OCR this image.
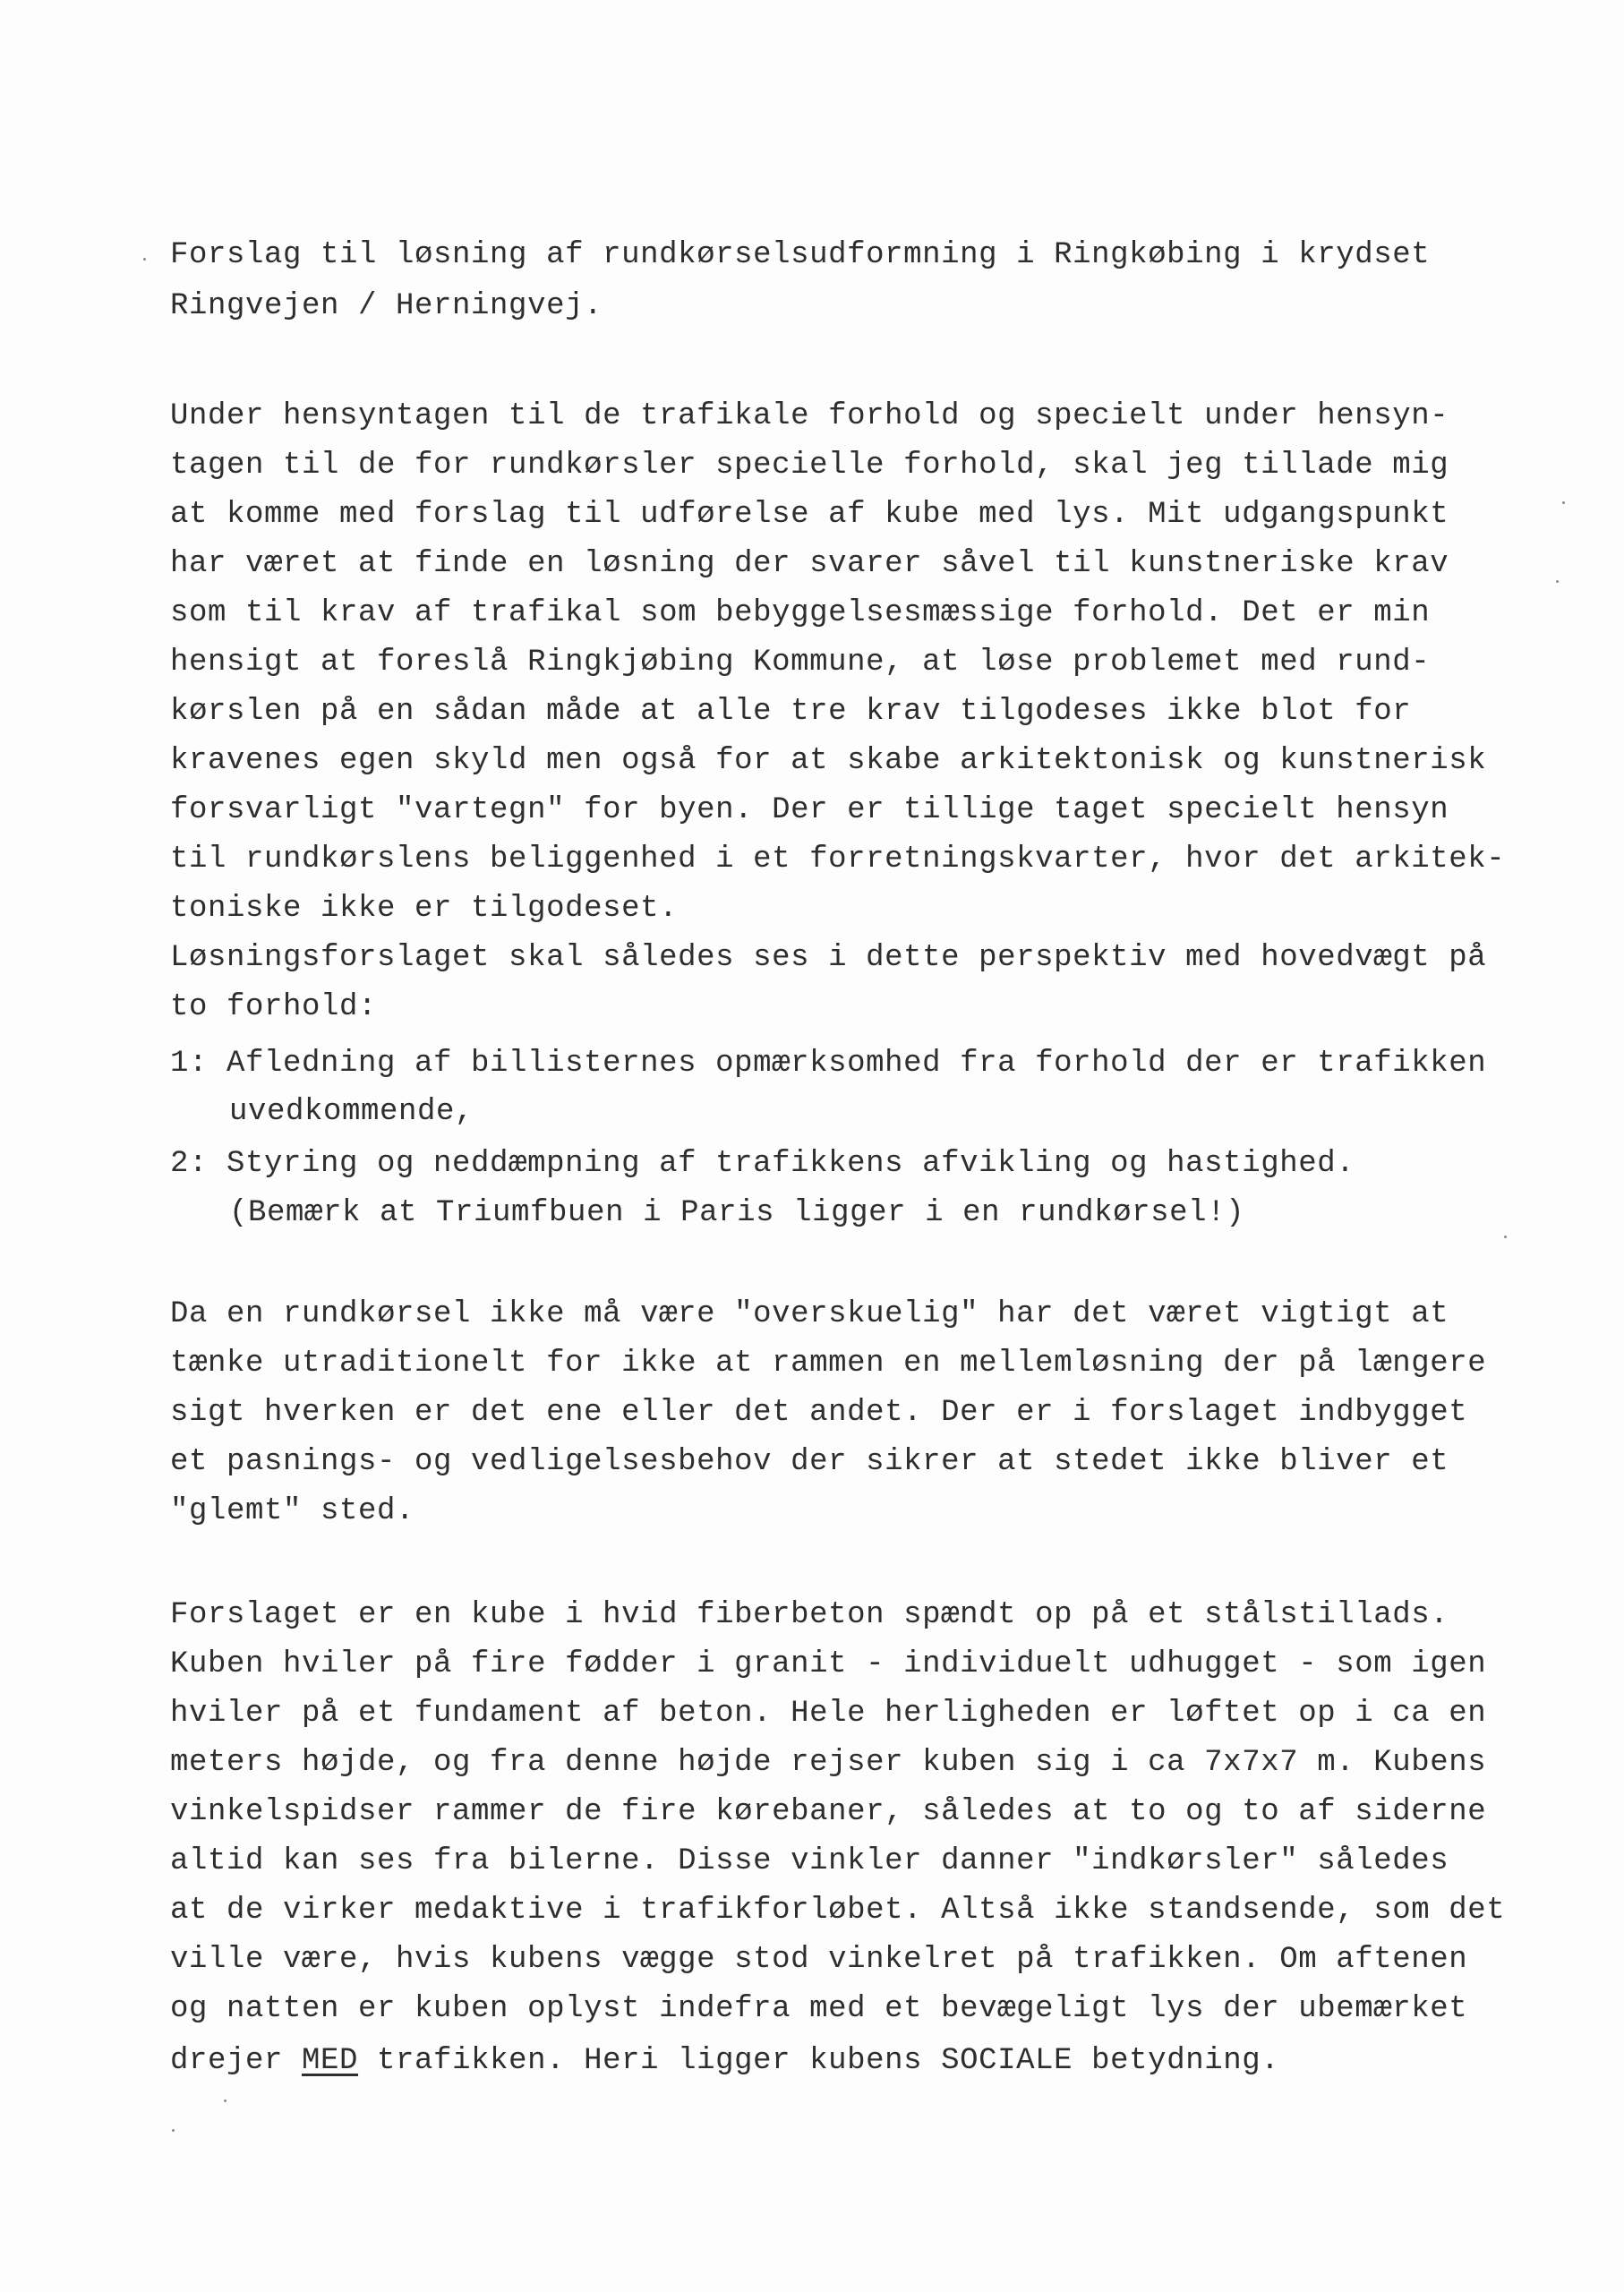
Forslag til løsning af rundkørselsudformning i Ringkøbing i krydset
Ringvejen / Herningvej.
Under hensyntagen til de trafikale forhold og specielt under hensyn-
tagen til de for rundkørsler specielle forhold, skal jeg tillade mig
at komme med forslag til udførelse af kube med lys. Mit udgangspunkt
har været at finde en løsning der svarer såvel til kunstneriske krav
som til krav af trafikal som bebyggelsesmæssige forhold. Det er min
hensigt at foreslå Ringkjøbing Kommune, at løse problemet med rund-
kørslen på en sådan måde at alle tre krav tilgodeses ikke blot for
kravenes egen skyld men også for at skabe arkitektonisk og kunstnerisk
forsvarligt "vartegn" for byen. Der er tillige taget specielt hensyn
til rundkørslens beliggenhed i et forretningskvarter, hvor det arkitek-
toniske ikke er tilgodeset.
Løsningsforslaget skal således ses i dette perspektiv med hovedvægt på
to forhold:
1: Afledning af billisternes opmærksomhed fra forhold der er trafikken
uvedkommende,
2: Styring og neddæmpning af trafikkens afvikling og hastighed.
(Bemærk at Triumfbuen i Paris ligger i en rundkørsel!)
Da en rundkørsel ikke må være "overskuelig" har det været vigtigt at
tænke utraditionelt for ikke at rammen en mellemløsning der på længere
sigt hverken er det ene eller det andet. Der er i forslaget indbygget
et pasnings- og vedligelsesbehov der sikrer at stedet ikke bliver et
"glemt" sted.
Forslaget er en kube i hvid fiberbeton spændt op på et stålstillads.
Kuben hviler på fire fødder i granit - individuelt udhugget - som igen
hviler på et fundament af beton. Hele herligheden er løftet op i ca en
meters højde, og fra denne højde rejser kuben sig i ca 7x7x7 m. Kubens
vinkelspidser rammer de fire kørebaner, således at to og to af siderne
altid kan ses fra bilerne. Disse vinkler danner "indkørsler" således
at de virker medaktive i trafikforløbet. Altså ikke standsende, som det
ville være, hvis kubens vægge stod vinkelret på trafikken. Om aftenen
og natten er kuben oplyst indefra med et bevægeligt lys der ubemærket
drejer MED trafikken. Heri ligger kubens SOCIALE betydning.
